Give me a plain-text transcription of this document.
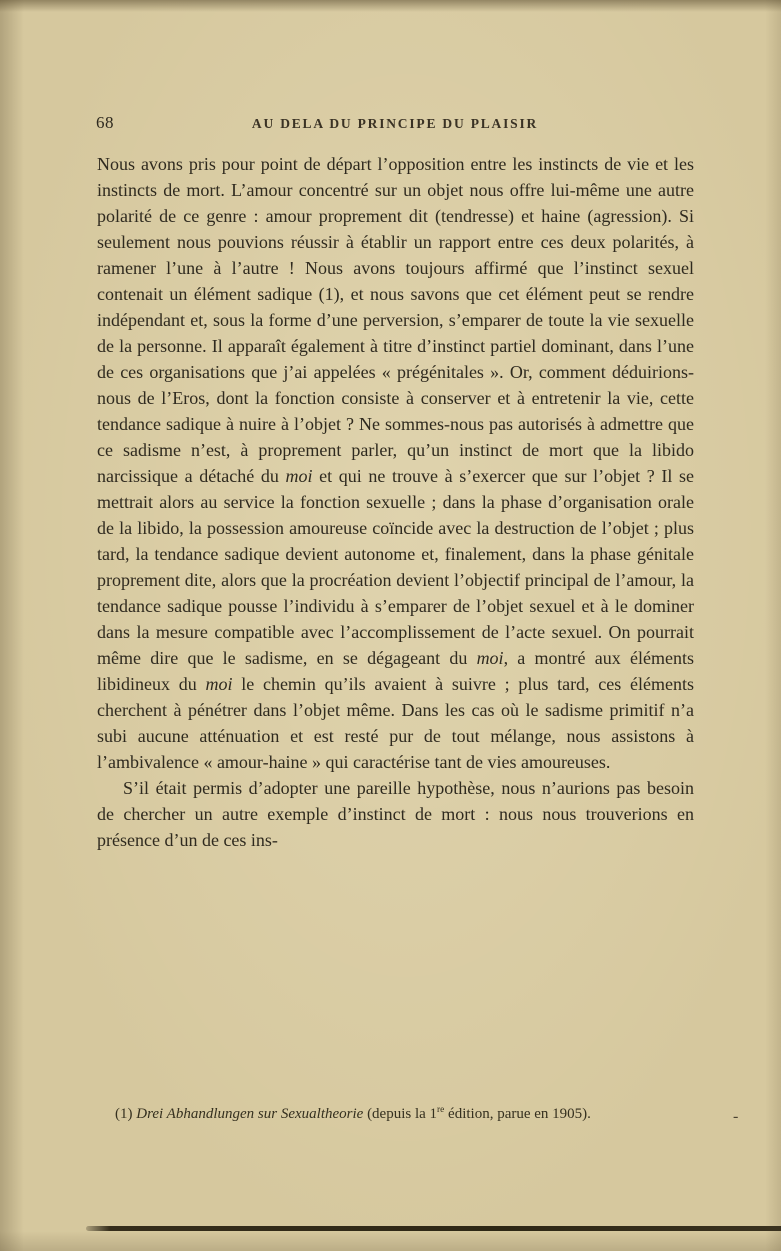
68	AU DELA DU PRINCIPE DU PLAISIR

Nous avons pris pour point de départ l’opposition entre les instincts de vie et les instincts de mort. L’amour concentré sur un objet nous offre lui-même une autre polarité de ce genre : amour proprement dit (tendresse) et haine (agression). Si seulement nous pouvions réussir à établir un rapport entre ces deux polarités, à ramener l’une à l’autre ! Nous avons toujours affirmé que l’instinct sexuel contenait un élément sadique (1), et nous savons que cet élément peut se rendre indépendant et, sous la forme d’une perversion, s’emparer de toute la vie sexuelle de la personne. Il apparaît également à titre d’instinct partiel dominant, dans l’une de ces organisations que j’ai appelées « prégénitales ». Or, comment déduirions-nous de l’Eros, dont la fonction consiste à conserver et à entretenir la vie, cette tendance sadique à nuire à l’objet ? Ne sommes-nous pas autorisés à admettre que ce sadisme n’est, à proprement parler, qu’un instinct de mort que la libido narcissique a détaché du moi et qui ne trouve à s’exercer que sur l’objet ? Il se mettrait alors au service la fonction sexuelle ; dans la phase d’organisation orale de la libido, la possession amoureuse coïncide avec la destruction de l’objet ; plus tard, la tendance sadique devient autonome et, finalement, dans la phase génitale proprement dite, alors que la procréation devient l’objectif principal de l’amour, la tendance sadique pousse l’individu à s’emparer de l’objet sexuel et à le dominer dans la mesure compatible avec l’accomplissement de l’acte sexuel. On pourrait même dire que le sadisme, en se dégageant du moi, a montré aux éléments libidineux du moi le chemin qu’ils avaient à suivre ; plus tard, ces éléments cherchent à pénétrer dans l’objet même. Dans les cas où le sadisme primitif n’a subi aucune atténuation et est resté pur de tout mélange, nous assistons à l’ambivalence « amour-haine » qui caractérise tant de vies amoureuses.

S’il était permis d’adopter une pareille hypothèse, nous n’aurions pas besoin de chercher un autre exemple d’instinct de mort : nous nous trouverions en présence d’un de ces ins-

(1) Drei Abhandlungen sur Sexualtheorie (depuis la 1re édition, parue en 1905).	-
